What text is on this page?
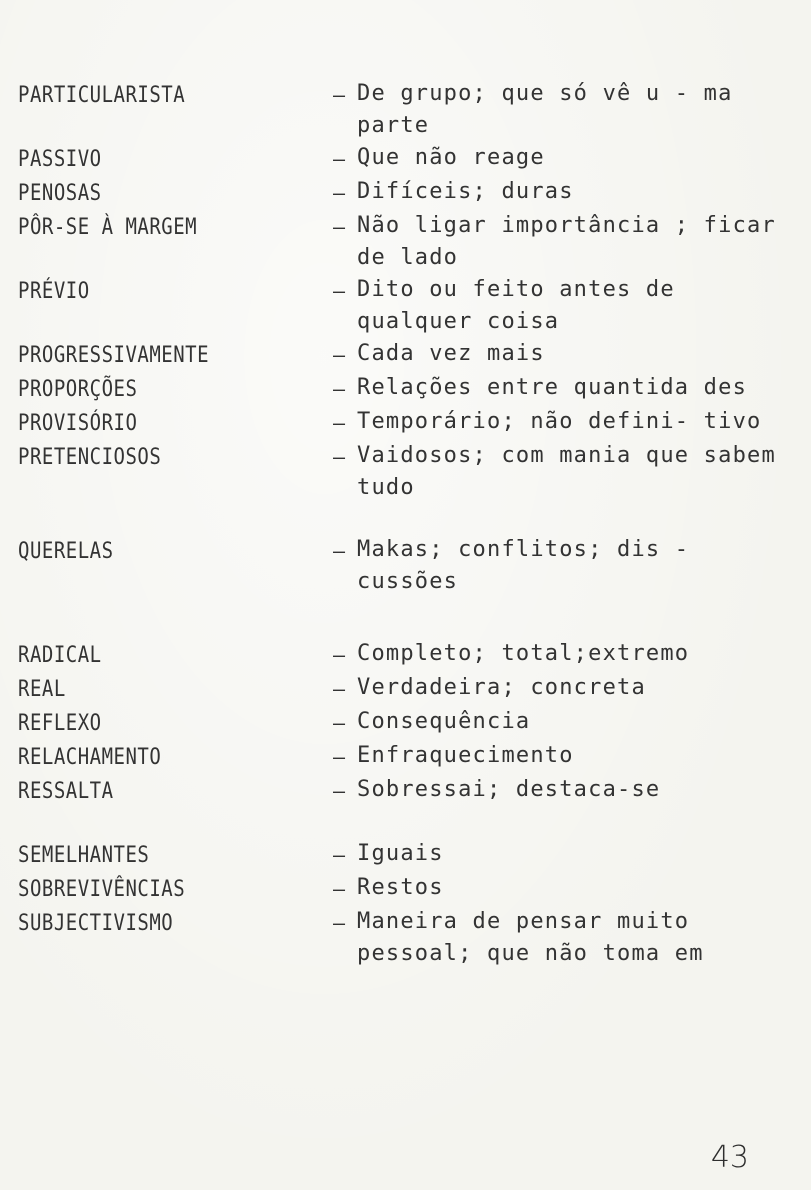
PARTICULARISTA	– De grupo; que só vê u - ma parte
PASSIVO	– Que não reage
PENOSAS	– Difíceis; duras
PÔR-SE À MARGEM	– Não ligar importância ; ficar de lado
PRÉVIO	– Dito ou feito antes de qualquer coisa
PROGRESSIVAMENTE	– Cada vez mais
PROPORÇÕES	– Relações entre quantida des
PROVISÓRIO	– Temporário; não defini- tivo
PRETENCIOSOS	– Vaidosos; com mania que sabem tudo
QUERELAS	– Makas; conflitos; dis - cussões
RADICAL	– Completo; total;extremo
REAL	– Verdadeira; concreta
REFLEXO	– Consequência
RELACHAMENTO	– Enfraquecimento
RESSALTA	– Sobressai; destaca-se
SEMELHANTES	– Iguais
SOBREVIVÊNCIAS	– Restos
SUBJECTIVISMO	– Maneira de pensar muito pessoal; que não toma em
43
